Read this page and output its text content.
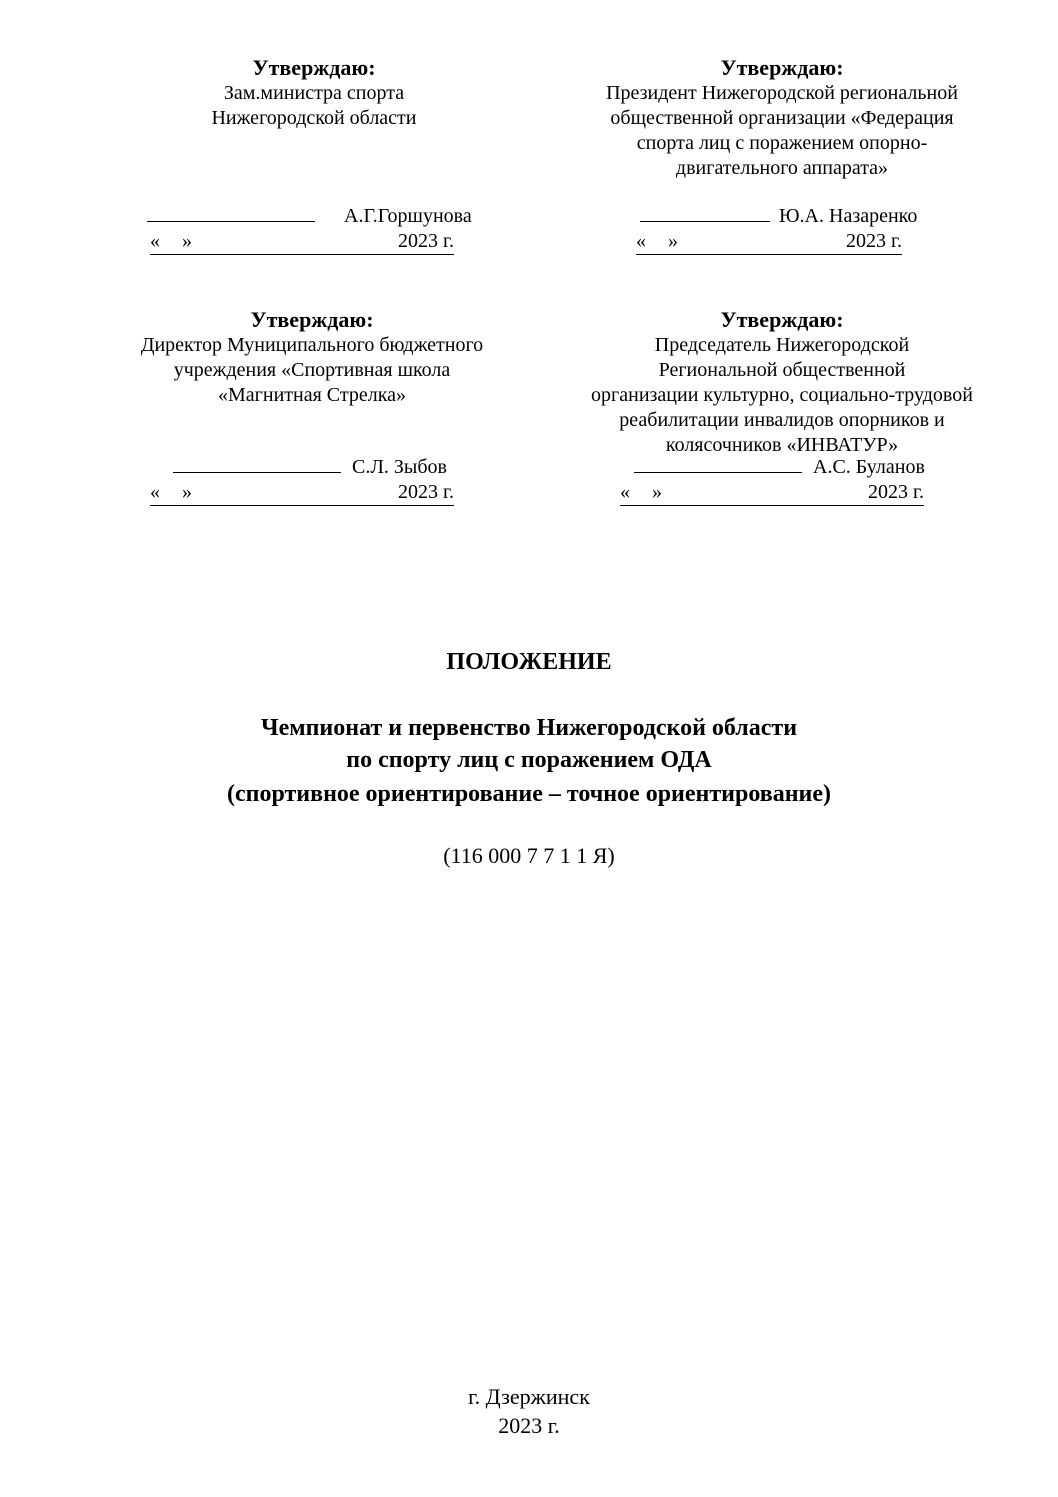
Утверждаю:
Зам.министра спорта
Нижегородской области
А.Г.Горшунова
« »	2023 г.
Утверждаю:
Президент Нижегородской региональной
общественной организации «Федерация
спорта лиц с поражением опорно-
двигательного аппарата»
Ю.А. Назаренко
« »	2023 г.
Утверждаю:
Директор Муниципального бюджетного
учреждения «Спортивная школа
«Магнитная Стрелка»
С.Л. Зыбов
« »	2023 г.
Утверждаю:
Председатель Нижегородской
Региональной общественной
организации культурно, социально-трудовой
реабилитации инвалидов опорников и
колясочников «ИНВАТУР»
А.С. Буланов
« »	2023 г.
ПОЛОЖЕНИЕ
Чемпионат и первенство Нижегородской области
по спорту лиц с поражением ОДА
(спортивное ориентирование – точное ориентирование)
(116 000 7 7 1 1 Я)
г. Дзержинск
2023 г.
